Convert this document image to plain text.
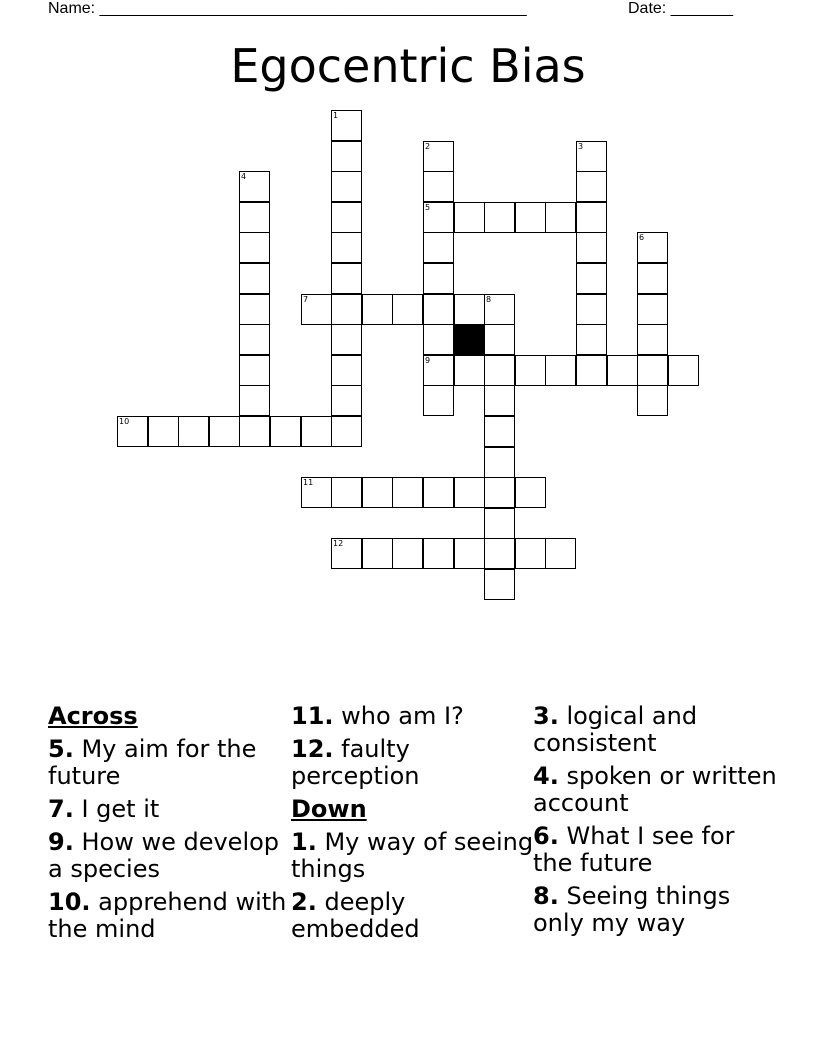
Name: ________________________________________________	Date: _______
Egocentric Bias
1
2
5
9
3
4
6
7	8
10
11
12
Across
5. My aim for the future
7. I get it
9. How we develop a species
10. apprehend with the mind
11. who am I?
12. faulty perception
Down
1. My way of seeing things
2. deeply embedded
3. logical and consistent
4. spoken or written account
6. What I see for the future
8. Seeing things only my way
